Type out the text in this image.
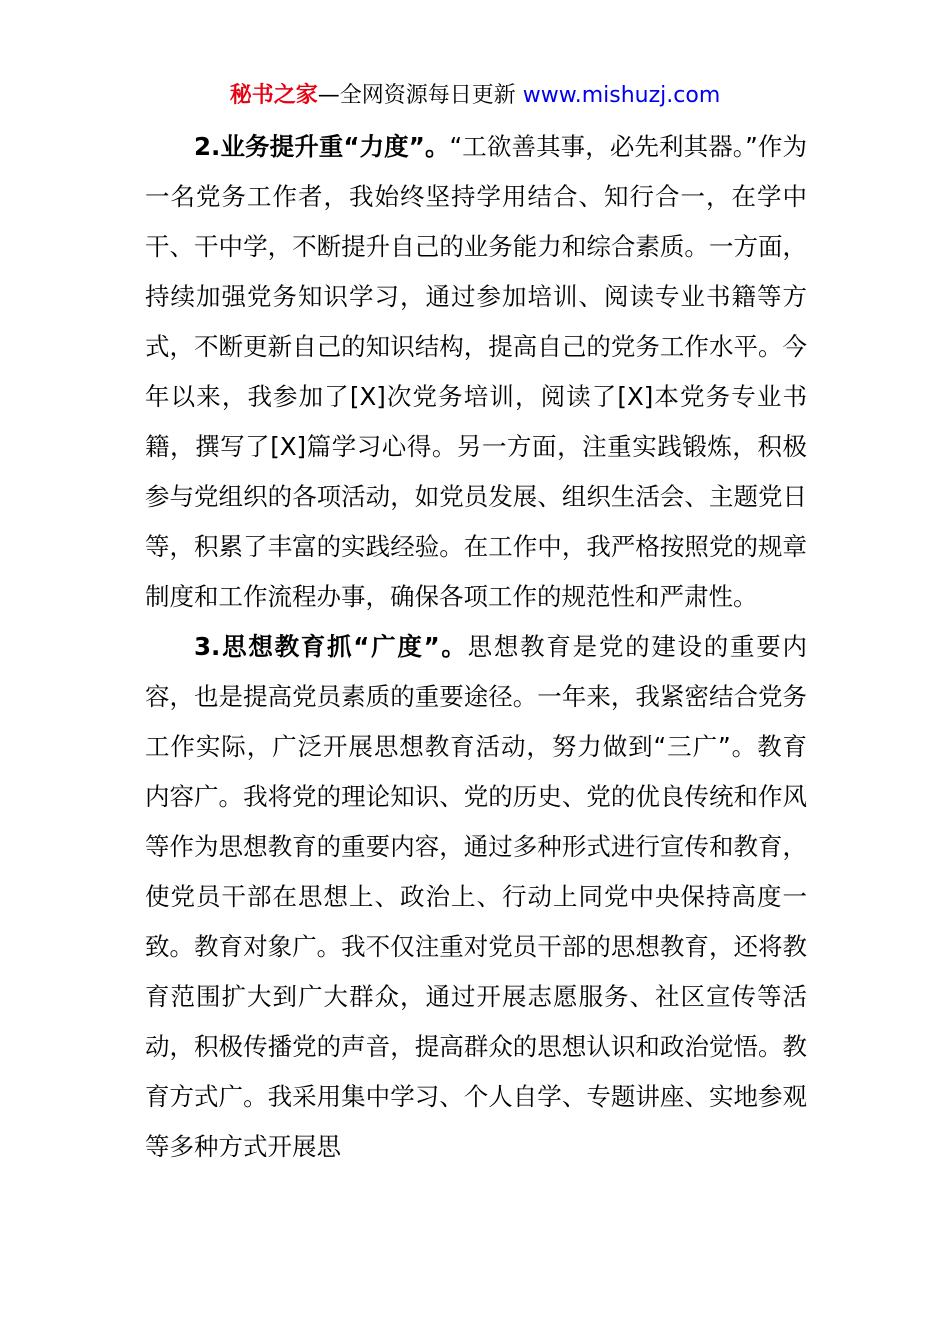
秘书之家—全网资源每日更新 www.mishuzj.com

2.业务提升重“力度”。“工欲善其事，必先利其器。”作为一名党务工作者，我始终坚持学用结合、知行合一，在学中干、干中学，不断提升自己的业务能力和综合素质。一方面，持续加强党务知识学习，通过参加培训、阅读专业书籍等方式，不断更新自己的知识结构，提高自己的党务工作水平。今年以来，我参加了[X]次党务培训，阅读了[X]本党务专业书籍，撰写了[X]篇学习心得。另一方面，注重实践锻炼，积极参与党组织的各项活动，如党员发展、组织生活会、主题党日等，积累了丰富的实践经验。在工作中，我严格按照党的规章制度和工作流程办事，确保各项工作的规范性和严肃性。

3.思想教育抓“广度”。思想教育是党的建设的重要内容，也是提高党员素质的重要途径。一年来，我紧密结合党务工作实际，广泛开展思想教育活动，努力做到“三广”。教育内容广。我将党的理论知识、党的历史、党的优良传统和作风等作为思想教育的重要内容，通过多种形式进行宣传和教育，使党员干部在思想上、政治上、行动上同党中央保持高度一致。教育对象广。我不仅注重对党员干部的思想教育，还将教育范围扩大到广大群众，通过开展志愿服务、社区宣传等活动，积极传播党的声音，提高群众的思想认识和政治觉悟。教育方式广。我采用集中学习、个人自学、专题讲座、实地参观等多种方式开展思
